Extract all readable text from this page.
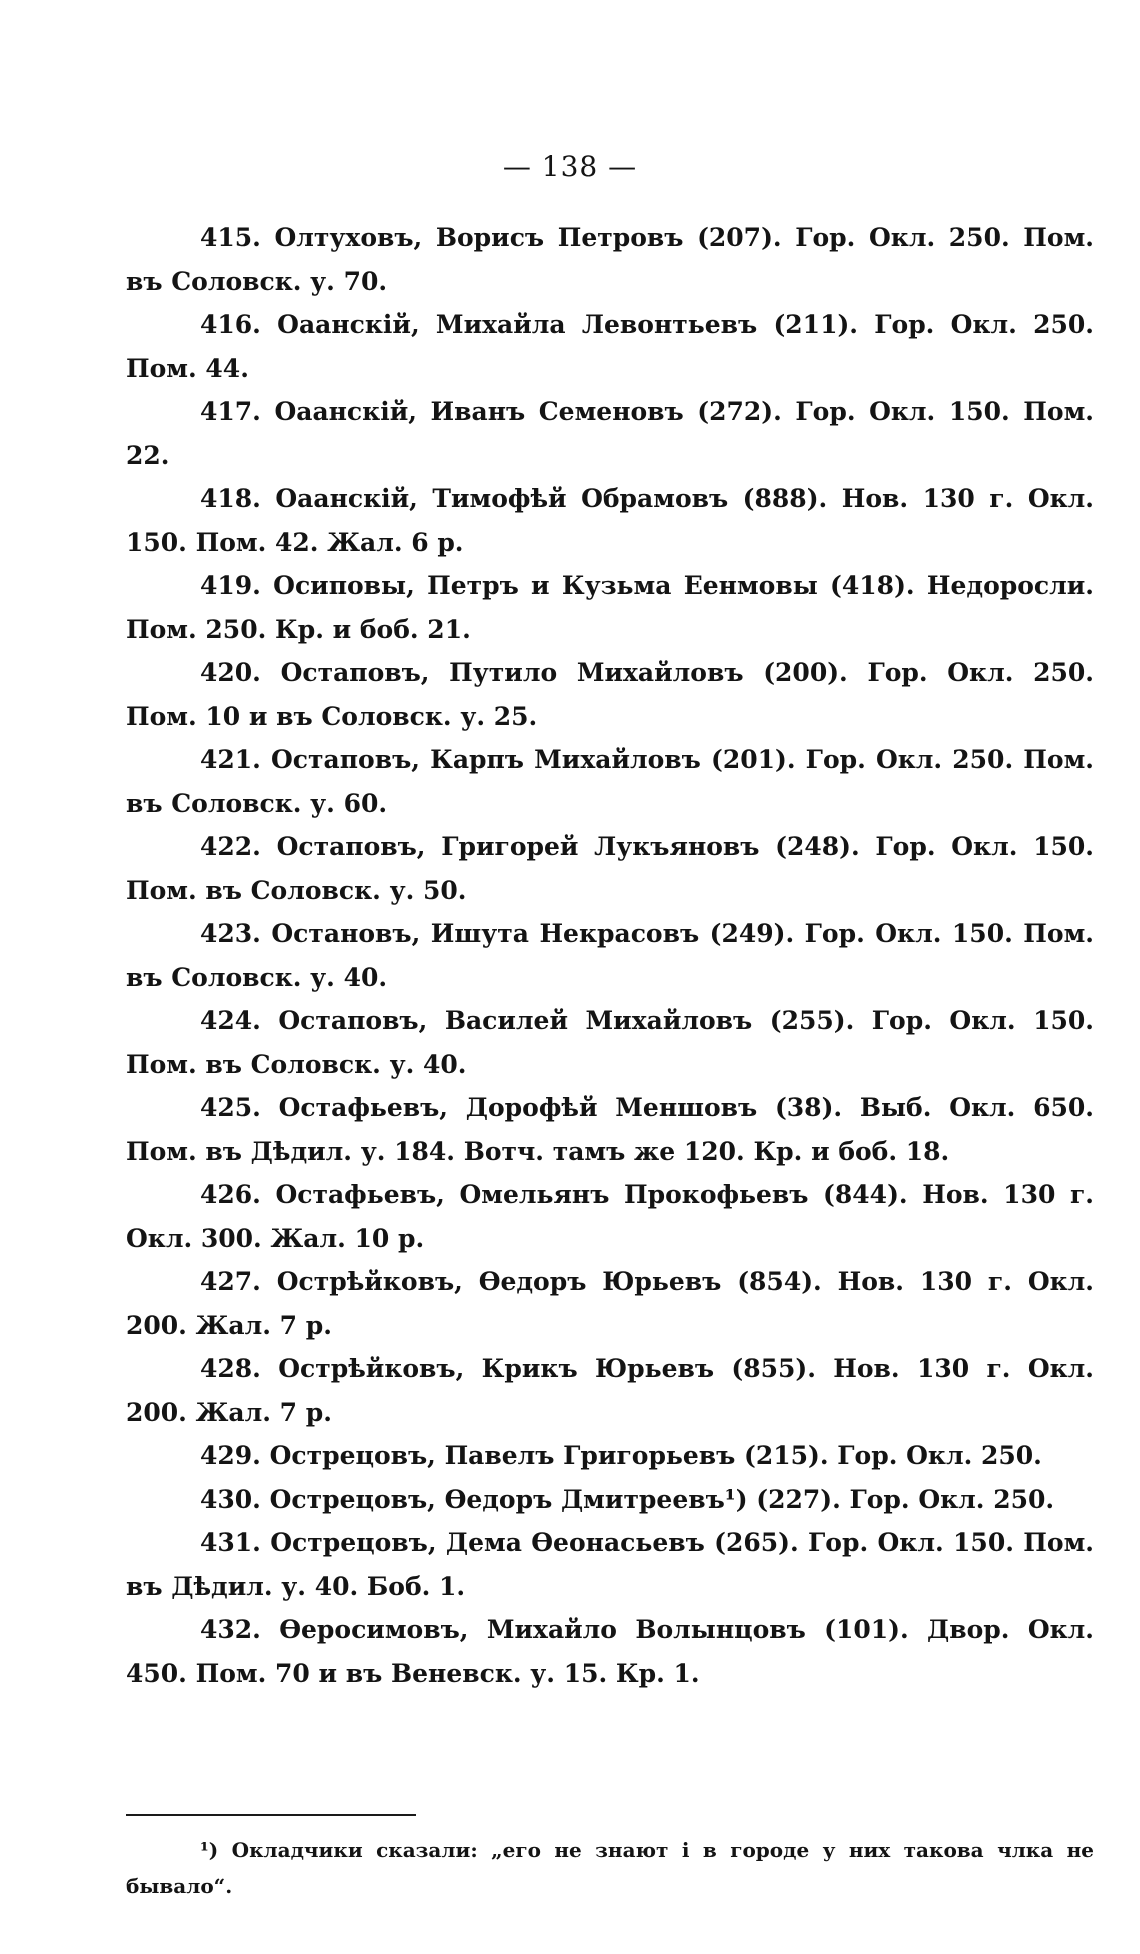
— 138 —

415. Олтуховъ, Ворисъ Петровъ (207). Гор. Окл. 250. Пом. въ Соловск. у. 70.

416. Оаанскій, Михайла Левонтьевъ (211). Гор. Окл. 250. Пом. 44.

417. Оаанскій, Иванъ Семеновъ (272). Гор. Окл. 150. Пом. 22.

418. Оаанскій, Тимофѣй Обрамовъ (888). Нов. 130 г. Окл. 150. Пом. 42. Жал. 6 р.

419. Осиповы, Петръ и Кузьма Еенмовы (418). Недоросли. Пом. 250. Кр. и боб. 21.

420. Остаповъ, Путило Михайловъ (200). Гор. Окл. 250. Пом. 10 и въ Соловск. у. 25.

421. Остаповъ, Карпъ Михайловъ (201). Гор. Окл. 250. Пом. въ Соловск. у. 60.

422. Остаповъ, Григорей Лукъяновъ (248). Гор. Окл. 150. Пом. въ Соловск. у. 50.

423. Остановъ, Ишута Некрасовъ (249). Гор. Окл. 150. Пом. въ Соловск. у. 40.

424. Остаповъ, Василей Михайловъ (255). Гор. Окл. 150. Пом. въ Соловск. у. 40.

425. Остафьевъ, Дорофѣй Меншовъ (38). Выб. Окл. 650. Пом. въ Дѣдил. у. 184. Вотч. тамъ же 120. Кр. и боб. 18.

426. Остафьевъ, Омельянъ Прокофьевъ (844). Нов. 130 г. Окл. 300. Жал. 10 р.

427. Острѣйковъ, Ѳедоръ Юрьевъ (854). Нов. 130 г. Окл. 200. Жал. 7 р.

428. Острѣйковъ, Крикъ Юрьевъ (855). Нов. 130 г. Окл. 200. Жал. 7 р.

429. Острецовъ, Павелъ Григорьевъ (215). Гор. Окл. 250.

430. Острецовъ, Ѳедоръ Дмитреевъ¹) (227). Гор. Окл. 250.

431. Острецовъ, Дема Ѳеонасьевъ (265). Гор. Окл. 150. Пом. въ Дѣдил. у. 40. Боб. 1.

432. Ѳеросимовъ, Михайло Волынцовъ (101). Двор. Окл. 450. Пом. 70 и въ Веневск. у. 15. Кр. 1.

¹) Окладчики сказали: „его не знают і в городе у них такова члка не бывало“.
